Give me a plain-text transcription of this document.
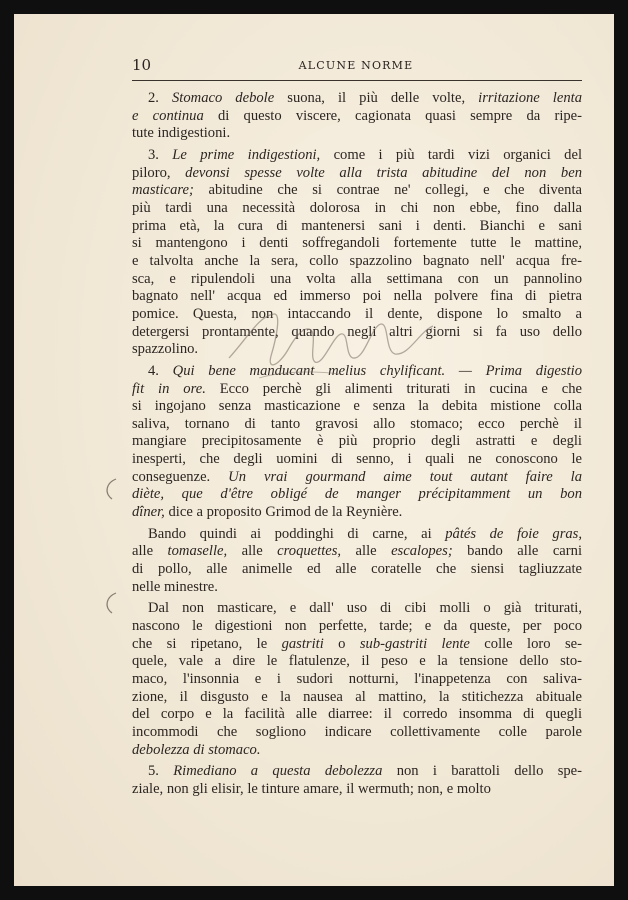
10	ALCUNE NORME
2. Stomaco debole suona, il più delle volte, irritazione lenta
e continua di questo viscere, cagionata quasi sempre da ripe-
tute indigestioni.
3. Le prime indigestioni, come i più tardi vizi organici del
piloro, devonsi spesse volte alla trista abitudine del non ben
masticare; abitudine che si contrae ne' collegi, e che diventa
più tardi una necessità dolorosa in chi non ebbe, fino dalla
prima età, la cura di mantenersi sani i denti. Bianchi e sani
si mantengono i denti soffregandoli fortemente tutte le mattine,
e talvolta anche la sera, collo spazzolino bagnato nell' acqua fre-
sca, e ripulendoli una volta alla settimana con un pannolino
bagnato nell' acqua ed immerso poi nella polvere fina di pietra
pomice. Questa, non intaccando il dente, dispone lo smalto a
detergersi prontamente, quando negli altri giorni si fa uso dello
spazzolino.
4. Qui bene manducant melius chylificant. — Prima digestio
fit in ore. Ecco perchè gli alimenti triturati in cucina e che
si ingojano senza masticazione e senza la debita mistione colla
saliva, tornano di tanto gravosi allo stomaco; ecco perchè il
mangiare precipitosamente è più proprio degli astratti e degli
inesperti, che degli uomini di senno, i quali ne conoscono le
conseguenze. Un vrai gourmand aime tout autant faire la
diète, que d'être obligé de manger précipitamment un bon
dîner, dice a proposito Grimod de la Reynière.
Bando quindi ai poddinghi di carne, ai pâtés de foie gras,
alle tomaselle, alle croquettes, alle escalopes; bando alle carni
di pollo, alle animelle ed alle coratelle che siensi tagliuzzate
nelle minestre.
Dal non masticare, e dall' uso di cibi molli o già triturati,
nascono le digestioni non perfette, tarde; e da queste, per poco
che si ripetano, le gastriti o sub-gastriti lente colle loro se-
quele, vale a dire le flatulenze, il peso e la tensione dello sto-
maco, l'insonnia e i sudori notturni, l'inappetenza con saliva-
zione, il disgusto e la nausea al mattino, la stitichezza abituale
del corpo e la facilità alle diarree: il corredo insomma di quegli
incommodi che sogliono indicare collettivamente colle parole
debolezza di stomaco.
5. Rimediano a questa debolezza non i barattoli dello spe-
ziale, non gli elisir, le tinture amare, il wermuth; non, e molto
